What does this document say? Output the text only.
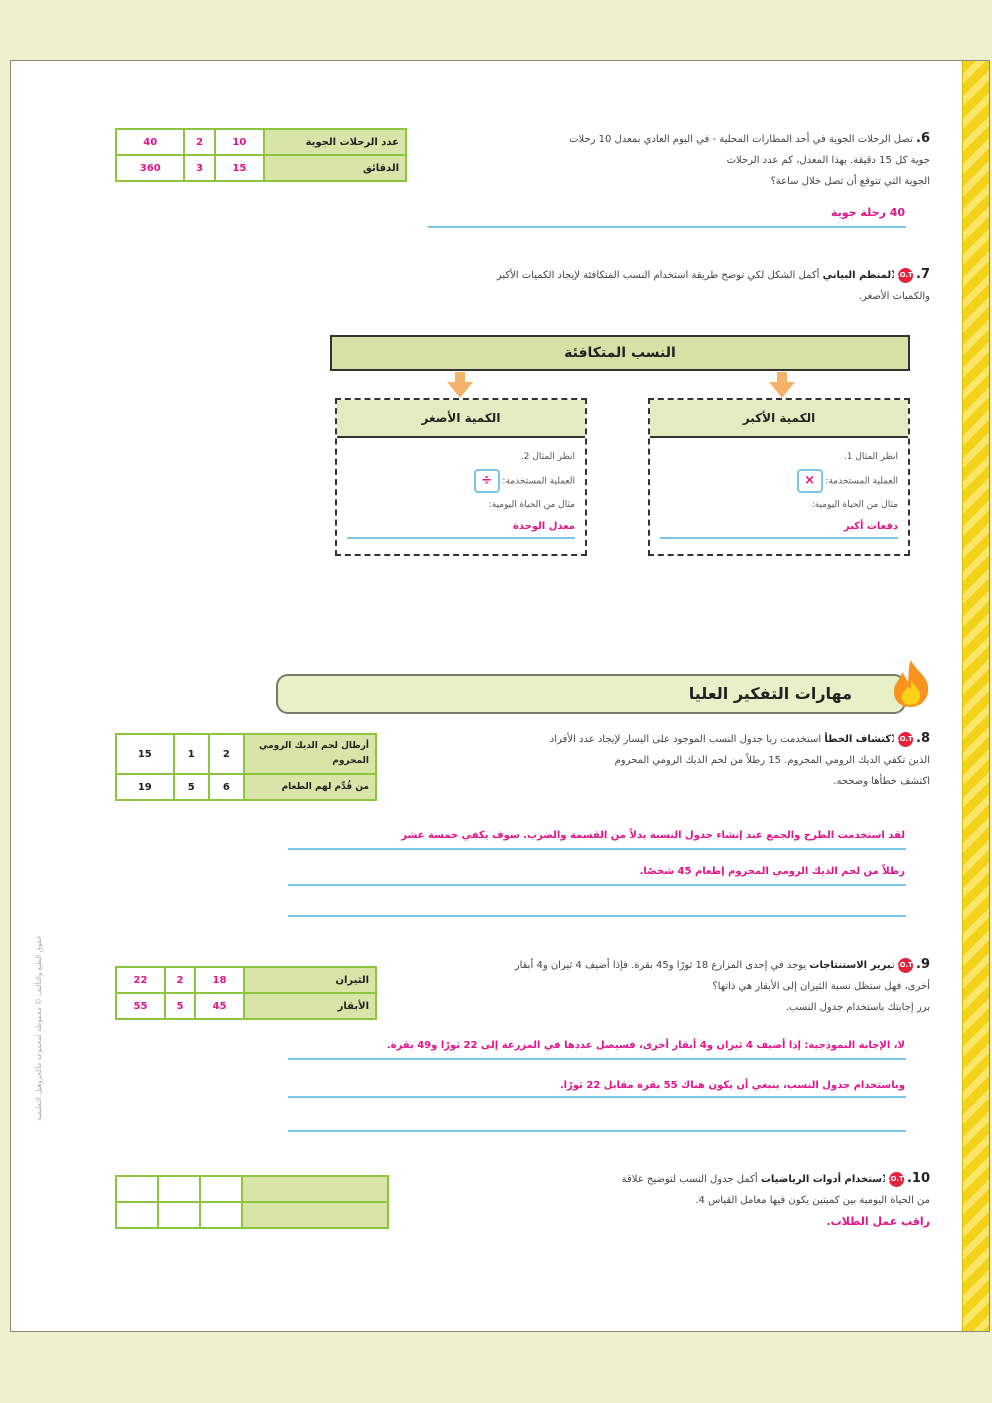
حقوق الطبع والتأليف © محفوظة لمجموعة ماكجروهيل التعليمية
عدد الرحلات الجوية	10	2	40
الدقائق	15	3	360
6. تصل الرحلات الجوية في أحد المطارات المحلية - في اليوم العادي بمعدل 10 رحلات
جوية كل 15 دقيقة. بهذا المعدل، كم عدد الرحلات
الجوية التي تتوقع أن تصل خلال ساعة؟
40 رحلة جوية
7. H.O.T المنظم البياني أكمل الشكل لكي توضح طريقة استخدام النسب المتكافئة لإيجاد الكميات الأكبر
والكميات الأصغر.
النسب المتكافئة
الكمية الأصغر
انظر المثال 2.
العملية المستخدمة: ÷
مثال من الحياة اليومية:
معدل الوحدة
الكمية الأكبر
انظر المثال 1.
العملية المستخدمة: ×
مثال من الحياة اليومية:
دفعات أكبر
مهارات التفكير العليا
أرطال لحم الديك الرومي المحروم	2	1	15
من قُدِّم لهم الطعام	6	5	19
8. H.O.T اكتشاف الخطأ استخدمت ربا جدول النسب الموجود على اليسار لإيجاد عدد الأفراد
الذين تكفي الديك الرومي المحروم. 15 رطلاً من لحم الديك الرومي المحروم
اكتشف خطأها وصححه.
لقد استخدمت الطرح والجمع عند إنشاء جدول النسبة بدلاً من القسمة والضرب. سوف يكفي خمسة عشر
رطلاً من لحم الديك الرومي المحروم إطعام 45 شخصًا.
الثيران	18	2	22
الأبقار	45	5	55
9. H.O.T تبرير الاستنتاجات يوجد في إحدى المزارع 18 ثورًا و45 بقرة. فإذا أضيف 4 ثيران و4 أبقار
أخرى، فهل ستظل نسبة الثيران إلى الأبقار هي ذاتها؟
برر إجابتك باستخدام جدول النسب.
لا، الإجابة النموذجية: إذا أضيف 4 ثيران و4 أبقار أخرى، فسيصل عددها في المزرعة إلى 22 ثورًا و49 بقرة.
وباستخدام جدول النسب، ينبغي أن يكون هناك 55 بقرة مقابل 22 ثورًا.

10. H.O.T استخدام أدوات الرياضيات أكمل جدول النسب لتوضيح علاقة
من الحياة اليومية بين كميتين يكون فيها معامل القياس 4.
راقب عمل الطلاب.
